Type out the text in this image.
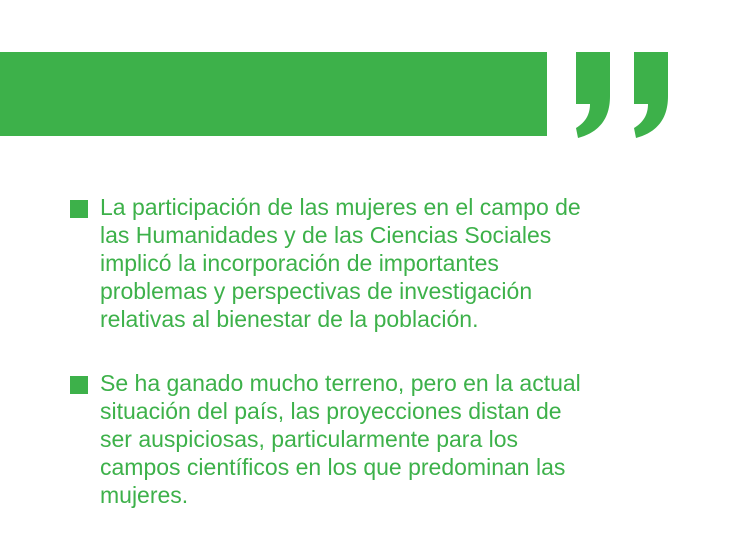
La participación de las mujeres en el campo de
las Humanidades y de las Ciencias Sociales
implicó la incorporación de importantes
problemas y perspectivas de investigación
relativas al bienestar de la población.
Se ha ganado mucho terreno, pero en la actual
situación del país, las proyecciones distan de
ser auspiciosas, particularmente para los
campos científicos en los que predominan las
mujeres.
